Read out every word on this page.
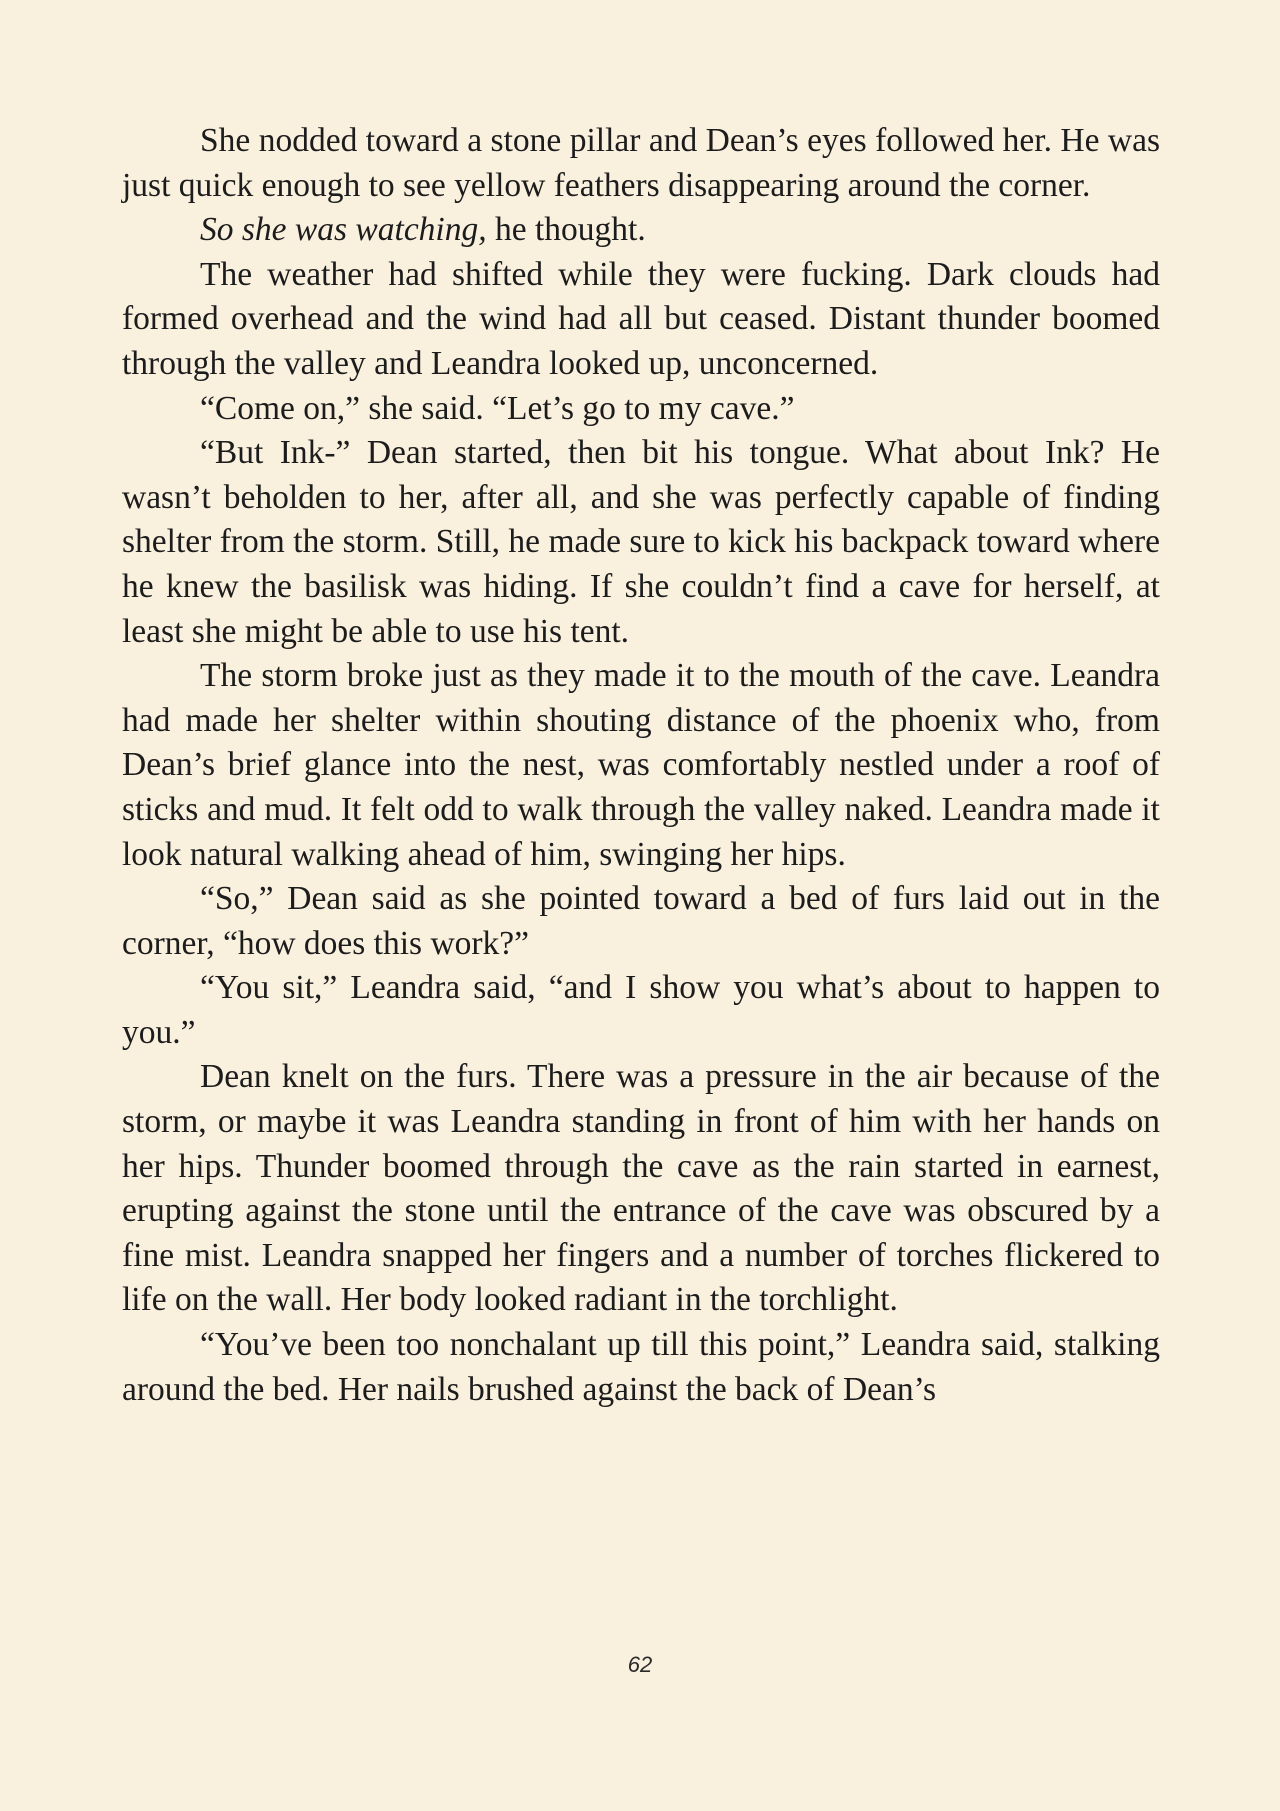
She nodded toward a stone pillar and Dean’s eyes followed her. He was just quick enough to see yellow feathers disappearing around the corner.

So she was watching, he thought.

The weather had shifted while they were fucking. Dark clouds had formed overhead and the wind had all but ceased. Distant thunder boomed through the valley and Leandra looked up, unconcerned.

“Come on,” she said. “Let’s go to my cave.”

“But Ink-” Dean started, then bit his tongue. What about Ink? He wasn’t beholden to her, after all, and she was perfectly capable of finding shelter from the storm. Still, he made sure to kick his backpack toward where he knew the basilisk was hiding. If she couldn’t find a cave for herself, at least she might be able to use his tent.

The storm broke just as they made it to the mouth of the cave. Leandra had made her shelter within shouting distance of the phoenix who, from Dean’s brief glance into the nest, was comfortably nestled under a roof of sticks and mud. It felt odd to walk through the valley naked. Leandra made it look natural walking ahead of him, swinging her hips.

“So,” Dean said as she pointed toward a bed of furs laid out in the corner, “how does this work?”

“You sit,” Leandra said, “and I show you what’s about to happen to you.”

Dean knelt on the furs. There was a pressure in the air because of the storm, or maybe it was Leandra standing in front of him with her hands on her hips. Thunder boomed through the cave as the rain started in earnest, erupting against the stone until the entrance of the cave was obscured by a fine mist. Leandra snapped her fingers and a number of torches flickered to life on the wall. Her body looked radiant in the torchlight.

“You’ve been too nonchalant up till this point,” Leandra said, stalking around the bed. Her nails brushed against the back of Dean’s

62
